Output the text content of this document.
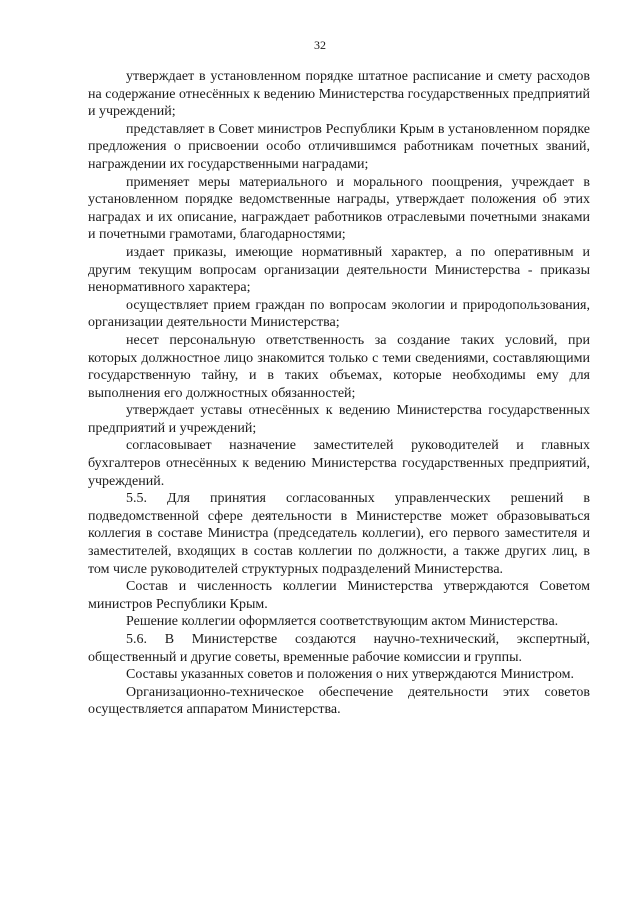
32

утверждает в установленном порядке штатное расписание и смету расходов на содержание отнесённых к ведению Министерства государственных предприятий и учреждений;

представляет в Совет министров Республики Крым в установленном порядке предложения о присвоении особо отличившимся работникам почетных званий, награждении их государственными наградами;

применяет меры материального и морального поощрения, учреждает в установленном порядке ведомственные награды, утверждает положения об этих наградах и их описание, награждает работников отраслевыми почетными знаками и почетными грамотами, благодарностями;

издает приказы, имеющие нормативный характер, а по оперативным и другим текущим вопросам организации деятельности Министерства - приказы ненормативного характера;

осуществляет прием граждан по вопросам экологии и природопользования, организации деятельности Министерства;

несет персональную ответственность за создание таких условий, при которых должностное лицо знакомится только с теми сведениями, составляющими государственную тайну, и в таких объемах, которые необходимы ему для выполнения его должностных обязанностей;

утверждает уставы отнесённых к ведению Министерства государственных предприятий и учреждений;

согласовывает назначение заместителей руководителей и главных бухгалтеров отнесённых к ведению Министерства государственных предприятий, учреждений.

5.5. Для принятия согласованных управленческих решений в подведомственной сфере деятельности в Министерстве может образовываться коллегия в составе Министра (председатель коллегии), его первого заместителя и заместителей, входящих в состав коллегии по должности, а также других лиц, в том числе руководителей структурных подразделений Министерства.

Состав и численность коллегии Министерства утверждаются Советом министров Республики Крым.

Решение коллегии оформляется соответствующим актом Министерства.

5.6. В Министерстве создаются научно-технический, экспертный, общественный и другие советы, временные рабочие комиссии и группы.

Составы указанных советов и положения о них утверждаются Министром.

Организационно-техническое обеспечение деятельности этих советов осуществляется аппаратом Министерства.
